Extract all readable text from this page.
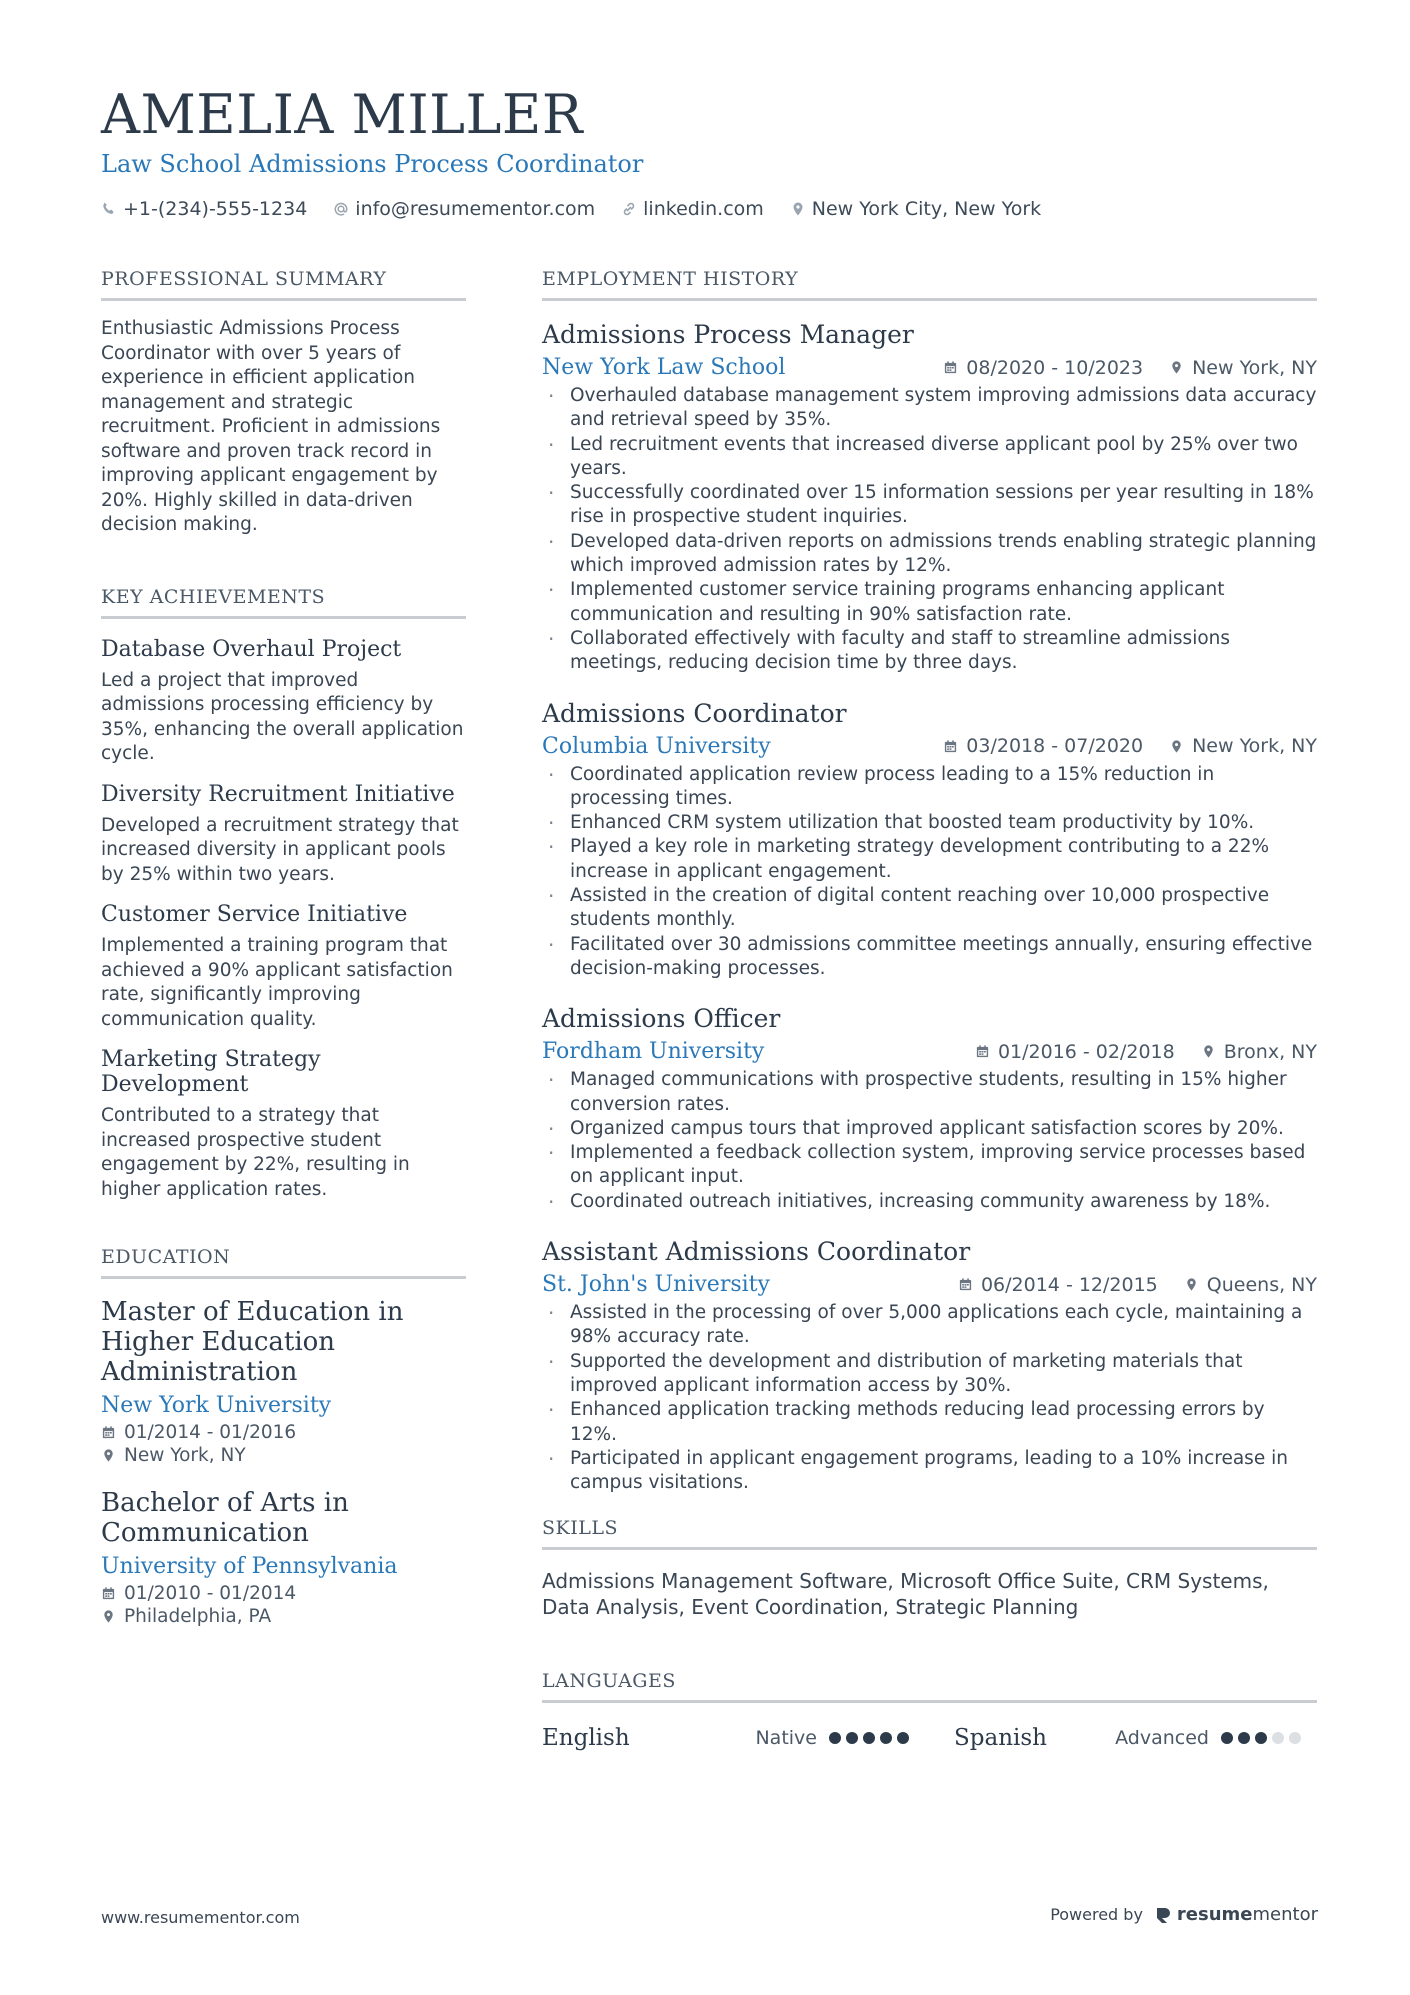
AMELIA MILLER
Law School Admissions Process Coordinator
+1-(234)-555-1234	info@resumementor.com	linkedin.com	New York City, New York
PROFESSIONAL SUMMARY
Enthusiastic Admissions Process Coordinator with over 5 years of experience in efficient application management and strategic recruitment. Proficient in admissions software and proven track record in improving applicant engagement by 20%. Highly skilled in data-driven decision making.
KEY ACHIEVEMENTS
Database Overhaul Project
Led a project that improved admissions processing efficiency by 35%, enhancing the overall application cycle.
Diversity Recruitment Initiative
Developed a recruitment strategy that increased diversity in applicant pools by 25% within two years.
Customer Service Initiative
Implemented a training program that achieved a 90% applicant satisfaction rate, significantly improving communication quality.
Marketing Strategy Development
Contributed to a strategy that increased prospective student engagement by 22%, resulting in higher application rates.
EDUCATION
Master of Education in Higher Education Administration
New York University
01/2014 - 01/2016
New York, NY
Bachelor of Arts in Communication
University of Pennsylvania
01/2010 - 01/2014
Philadelphia, PA
EMPLOYMENT HISTORY
Admissions Process Manager
New York Law School	08/2020 - 10/2023	New York, NY
· Overhauled database management system improving admissions data accuracy and retrieval speed by 35%.
· Led recruitment events that increased diverse applicant pool by 25% over two years.
· Successfully coordinated over 15 information sessions per year resulting in 18% rise in prospective student inquiries.
· Developed data-driven reports on admissions trends enabling strategic planning which improved admission rates by 12%.
· Implemented customer service training programs enhancing applicant communication and resulting in 90% satisfaction rate.
· Collaborated effectively with faculty and staff to streamline admissions meetings, reducing decision time by three days.
Admissions Coordinator
Columbia University	03/2018 - 07/2020	New York, NY
· Coordinated application review process leading to a 15% reduction in processing times.
· Enhanced CRM system utilization that boosted team productivity by 10%.
· Played a key role in marketing strategy development contributing to a 22% increase in applicant engagement.
· Assisted in the creation of digital content reaching over 10,000 prospective students monthly.
· Facilitated over 30 admissions committee meetings annually, ensuring effective decision-making processes.
Admissions Officer
Fordham University	01/2016 - 02/2018	Bronx, NY
· Managed communications with prospective students, resulting in 15% higher conversion rates.
· Organized campus tours that improved applicant satisfaction scores by 20%.
· Implemented a feedback collection system, improving service processes based on applicant input.
· Coordinated outreach initiatives, increasing community awareness by 18%.
Assistant Admissions Coordinator
St. John's University	06/2014 - 12/2015	Queens, NY
· Assisted in the processing of over 5,000 applications each cycle, maintaining a 98% accuracy rate.
· Supported the development and distribution of marketing materials that improved applicant information access by 30%.
· Enhanced application tracking methods reducing lead processing errors by 12%.
· Participated in applicant engagement programs, leading to a 10% increase in campus visitations.
SKILLS
Admissions Management Software, Microsoft Office Suite, CRM Systems, Data Analysis, Event Coordination, Strategic Planning
LANGUAGES
English	Native	Spanish	Advanced
www.resumementor.com	Powered by resumementor
